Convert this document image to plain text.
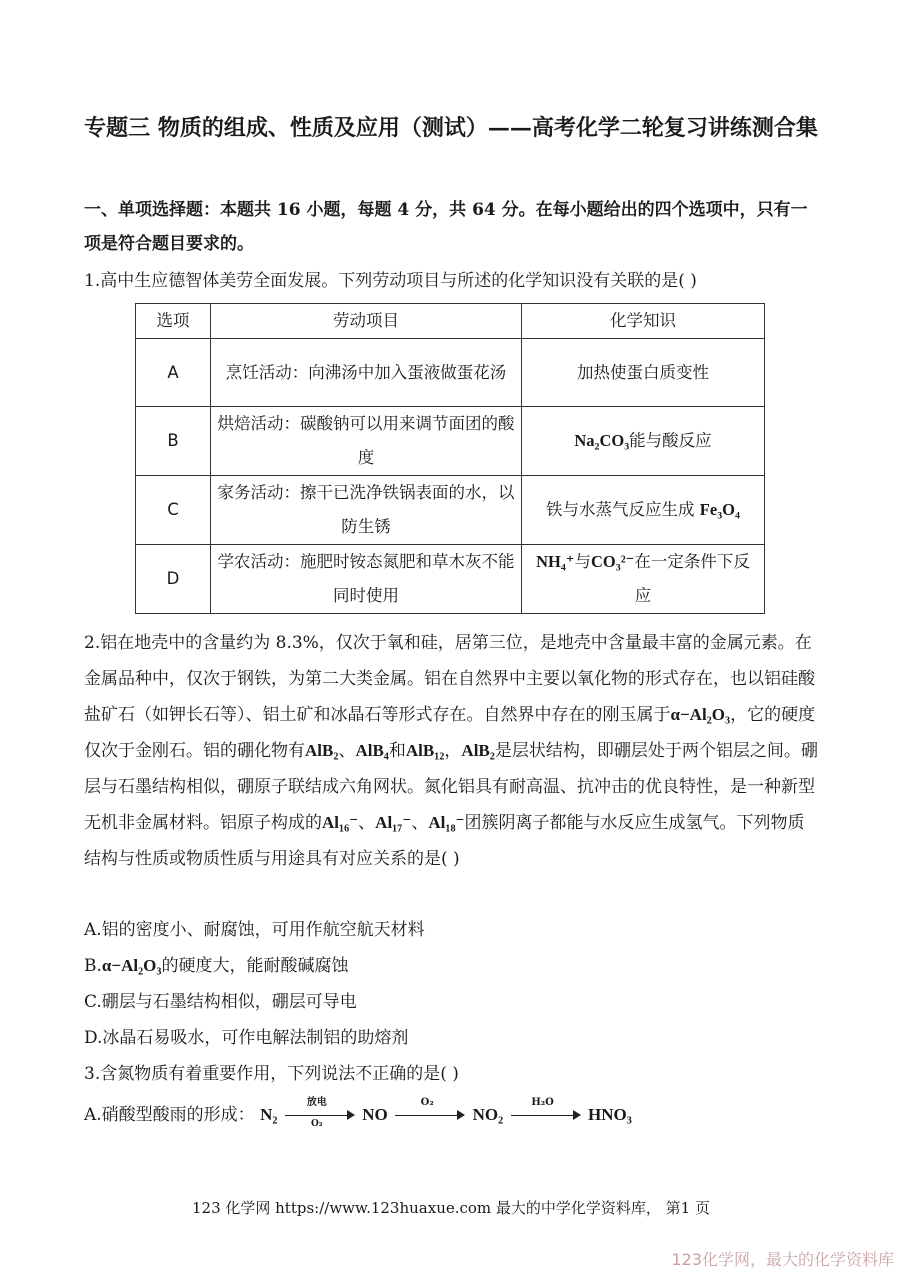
专题三 物质的组成、性质及应用（测试）——高考化学二轮复习讲练测合集
一、单项选择题：本题共 16 小题，每题 4 分，共 64 分。在每小题给出的四个选项中，只有一项是符合题目要求的。

1.高中生应德智体美劳全面发展。下列劳动项目与所述的化学知识没有关联的是( )

选项	劳动项目	化学知识
A	烹饪活动：向沸汤中加入蛋液做蛋花汤	加热使蛋白质变性
B	烘焙活动：碳酸钠可以用来调节面团的酸度	Na₂CO₃能与酸反应
C	家务活动：擦干已洗净铁锅表面的水，以防生锈	铁与水蒸气反应生成 Fe₃O₄
D	学农活动：施肥时铵态氮肥和草木灰不能同时使用	NH₄⁺与CO₃²⁻在一定条件下反应

2.铝在地壳中的含量约为 8.3%，仅次于氧和硅，居第三位，是地壳中含量最丰富的金属元素。在金属品种中，仅次于钢铁，为第二大类金属。铝在自然界中主要以氧化物的形式存在，也以铝硅酸盐矿石（如钾长石等）、铝土矿和冰晶石等形式存在。自然界中存在的刚玉属于α−Al₂O₃，它的硬度仅次于金刚石。铝的硼化物有AlB₂、AlB₄和AlB₁₂，AlB₂是层状结构，即硼层处于两个铝层之间。硼层与石墨结构相似，硼原子联结成六角网状。氮化铝具有耐高温、抗冲击的优良特性，是一种新型无机非金属材料。铝原子构成的Al₁₆⁻、Al₁₇⁻、Al₁₈⁻团簇阴离子都能与水反应生成氢气。下列物质结构与性质或物质性质与用途具有对应关系的是( )

A.铝的密度小、耐腐蚀，可用作航空航天材料
B.α−Al₂O₃的硬度大，能耐酸碱腐蚀
C.硼层与石墨结构相似，硼层可导电
D.冰晶石易吸水，可作电解法制铝的助熔剂
3.含氮物质有着重要作用，下列说法不正确的是( )
A.硝酸型酸雨的形成： N₂
放电
O₂	NO
O₂
NO₂
H₂O
HNO₃
123 化学网 https://www.123huaxue.com 最大的中学化学资料库， 第1 页
123化学网，最大的化学资料库
